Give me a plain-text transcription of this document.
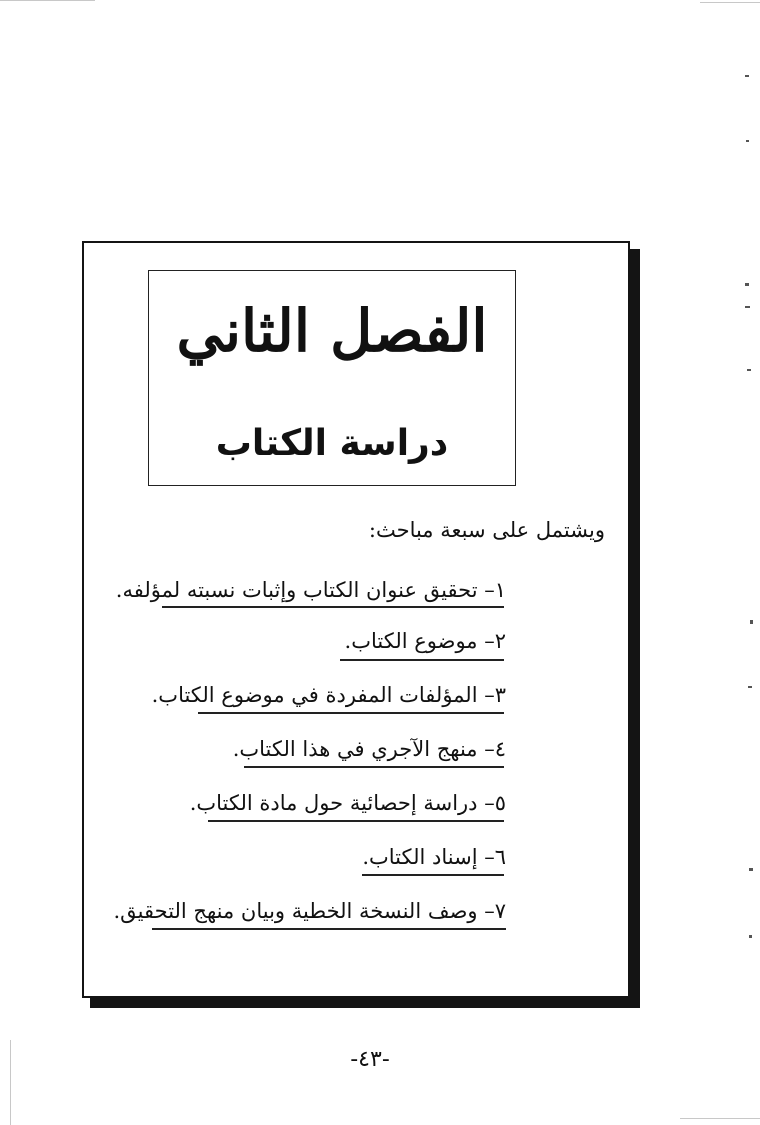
الفصل الثاني
دراسة الكتاب
ويشتمل على سبعة مباحث:
١– تحقيق عنوان الكتاب وإثبات نسبته لمؤلفه.
٢– موضوع الكتاب.
٣– المؤلفات المفردة في موضوع الكتاب.
٤– منهج الآجري في هذا الكتاب.
٥– دراسة إحصائية حول مادة الكتاب.
٦– إسناد الكتاب.
٧– وصف النسخة الخطية وبيان منهج التحقيق.
-٤٣-
